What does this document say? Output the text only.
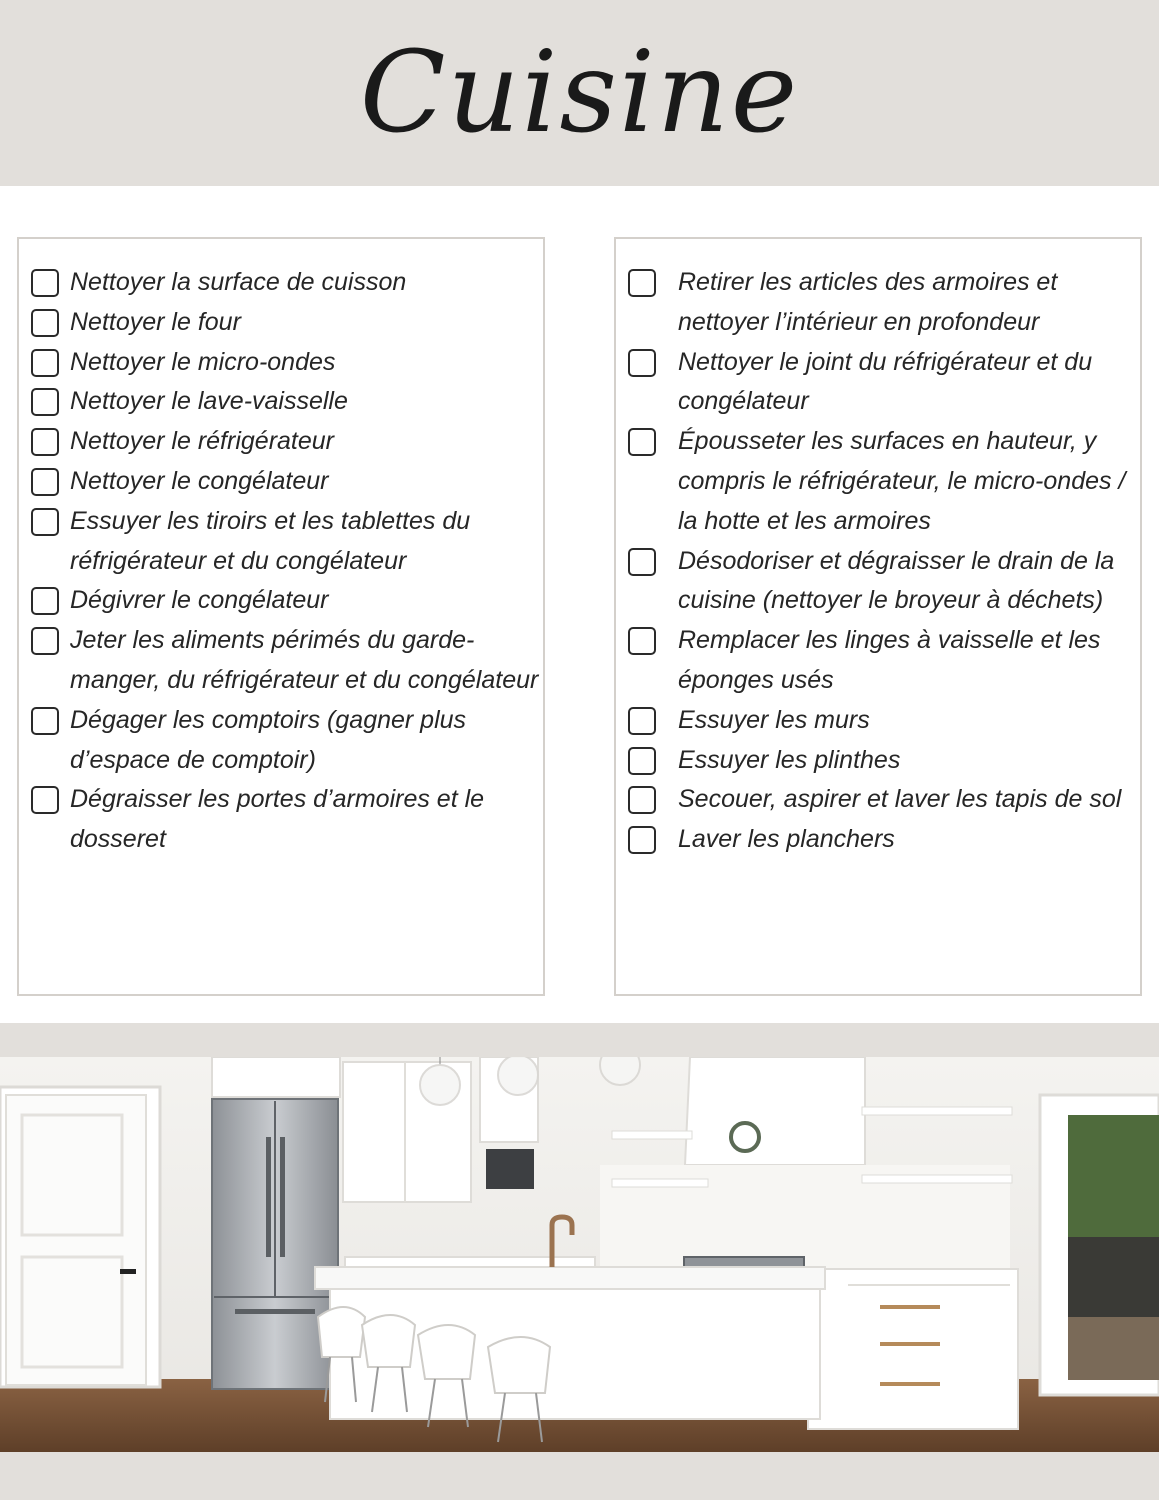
Cuisine
Nettoyer la surface de cuisson
Nettoyer le four
Nettoyer le micro-ondes
Nettoyer le lave-vaisselle
Nettoyer le réfrigérateur
Nettoyer le congélateur
Essuyer les tiroirs et les tablettes du réfrigérateur et du congélateur
Dégivrer le congélateur
Jeter les aliments périmés du garde-manger, du réfrigérateur et du congélateur
Dégager les comptoirs (gagner plus d’espace de comptoir)
Dégraisser les portes d’armoires et le dosseret
Retirer les articles des armoires et nettoyer l’intérieur en profondeur
Nettoyer le joint du réfrigérateur et du congélateur
Épousseter les surfaces en hauteur, y compris le réfrigérateur, le micro-ondes / la hotte et les armoires
Désodoriser et dégraisser le drain de la cuisine (nettoyer le broyeur à déchets)
Remplacer les linges à vaisselle et les éponges usés
Essuyer les murs
Essuyer les plinthes
Secouer, aspirer et laver les tapis de sol
Laver les planchers
